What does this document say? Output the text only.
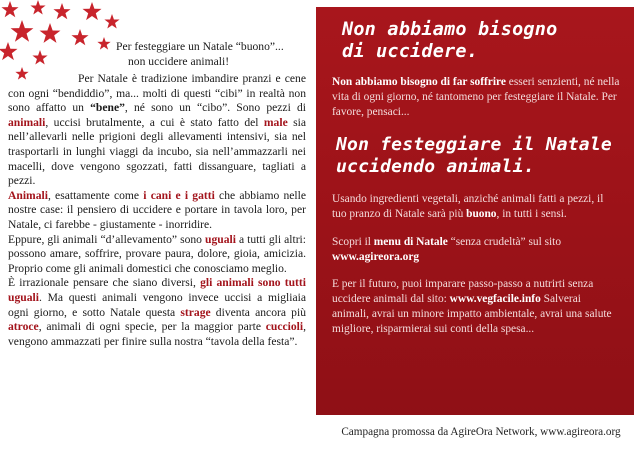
Per festeggiare un Natale “buono”...

non uccidere animali!

Per Natale è tradizione imbandire pranzi e cene con ogni “bendiddio”, ma... molti di questi “cibi” in realtà non sono affatto un “bene”, né sono un “cibo”. Sono pezzi di animali, uccisi brutalmente, a cui è stato fatto del male sia nell’allevarli nelle prigioni degli allevamenti intensivi, sia nel trasportarli in lunghi viaggi da incubo, sia nell’ammazzarli nei macelli, dove vengono sgozzati, fatti dissanguare, tagliati a pezzi.

Animali, esattamente come i cani e i gatti che abbiamo nelle nostre case: il pensiero di uccidere e portare in tavola loro, per Natale, ci farebbe - giustamente - inorridire.

Eppure, gli animali “d’allevamento” sono uguali a tutti gli altri: possono amare, soffrire, provare paura, dolore, gioia, amicizia. Proprio come gli animali domestici che conosciamo meglio.

È irrazionale pensare che siano diversi, gli animali sono tutti uguali. Ma questi animali vengono invece uccisi a migliaia ogni giorno, e sotto Natale questa strage diventa ancora più atroce, animali di ogni specie, per la maggior parte cuccioli, vengono ammazzati per finire sulla nostra “tavola della festa”.

Non abbiamo bisogno
di uccidere.

Non abbiamo bisogno di far soffrire esseri senzienti, né nella vita di ogni giorno, né tantomeno per festeggiare il Natale. Per favore, pensaci...

Non festeggiare il Natale
uccidendo animali.

Usando ingredienti vegetali, anziché animali fatti a pezzi, il tuo pranzo di Natale sarà più buono, in tutti i sensi.

Scopri il menu di Natale “senza crudeltà” sul sito
www.agireora.org

E per il futuro, puoi imparare passo-passo a nutrirti senza uccidere animali dal sito: www.vegfacile.info Salverai animali, avrai un minore impatto ambientale, avrai una salute migliore, risparmierai sui conti della spesa...

Campagna promossa da AgireOra Network, www.agireora.org
